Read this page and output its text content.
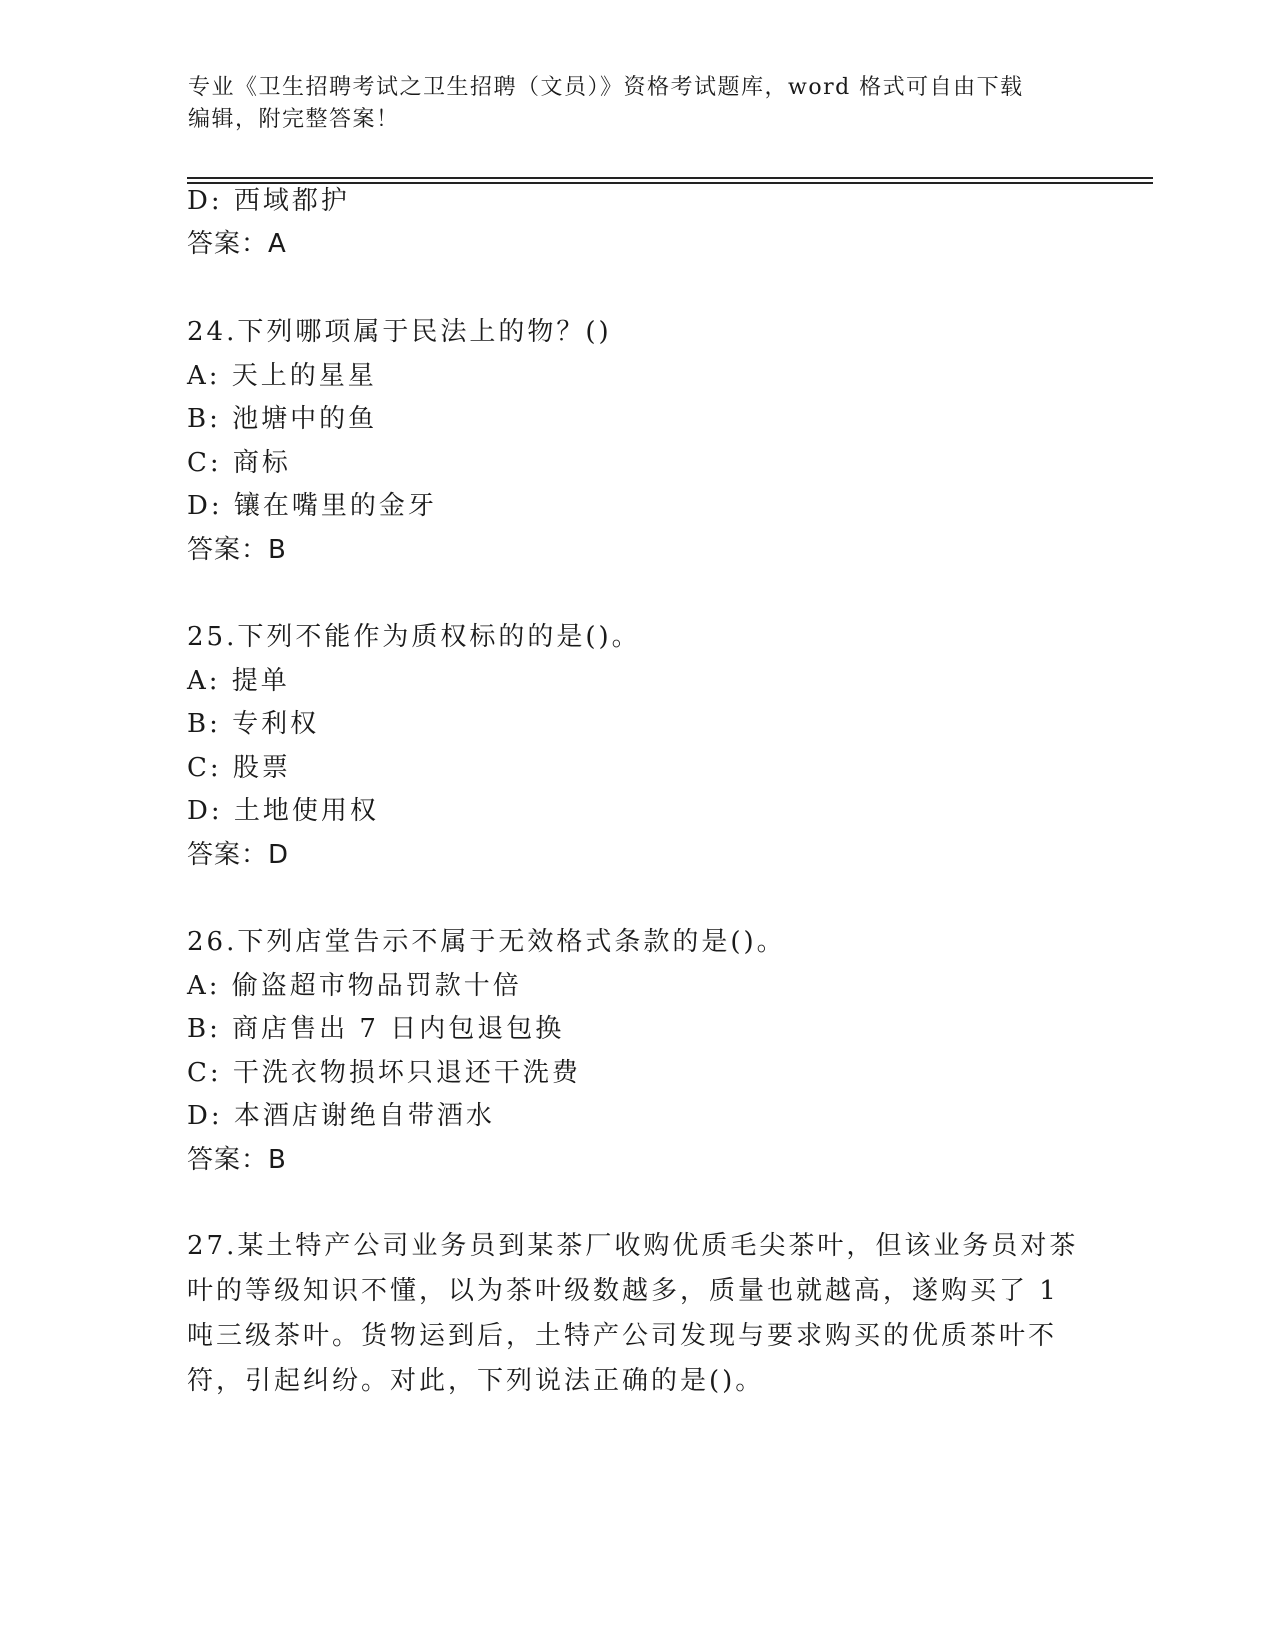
专业《卫生招聘考试之卫生招聘（文员）》资格考试题库，word 格式可自由下载
编辑，附完整答案！
D: 西域都护
答案：A
24.下列哪项属于民法上的物？()
A: 天上的星星
B: 池塘中的鱼
C: 商标
D: 镶在嘴里的金牙
答案：B
25.下列不能作为质权标的的是()。
A: 提单
B: 专利权
C: 股票
D: 土地使用权
答案：D
26.下列店堂告示不属于无效格式条款的是()。
A: 偷盗超市物品罚款十倍
B: 商店售出 7 日内包退包换
C: 干洗衣物损坏只退还干洗费
D: 本酒店谢绝自带酒水
答案：B
27.某土特产公司业务员到某茶厂收购优质毛尖茶叶，但该业务员对茶
叶的等级知识不懂，以为茶叶级数越多，质量也就越高，遂购买了 1
吨三级茶叶。货物运到后，土特产公司发现与要求购买的优质茶叶不
符，引起纠纷。对此，下列说法正确的是()。
